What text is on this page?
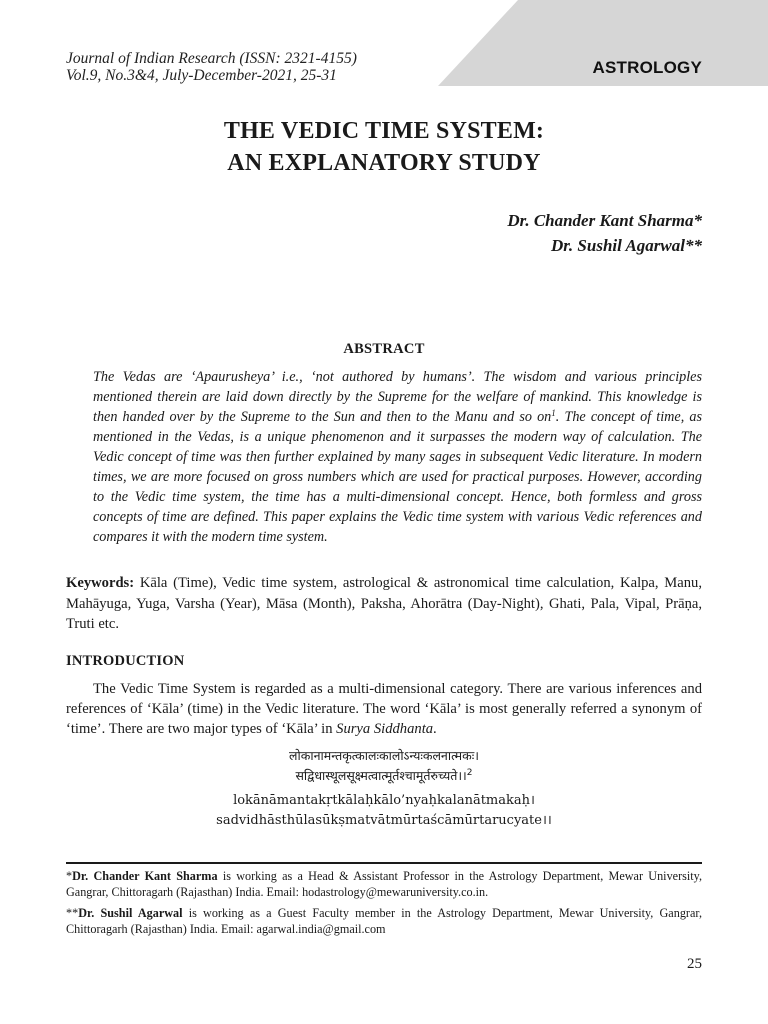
ASTROLOGY
Journal of Indian Research (ISSN: 2321-4155)
Vol.9, No.3&4, July-December-2021, 25-31
THE VEDIC TIME SYSTEM:
AN EXPLANATORY STUDY
Dr. Chander Kant Sharma*
Dr. Sushil Agarwal**
ABSTRACT
The Vedas are ‘Apaurusheya’ i.e., ‘not authored by humans’. The wisdom and various principles mentioned therein are laid down directly by the Supreme for the welfare of mankind. This knowledge is then handed over by the Supreme to the Sun and then to the Manu and so $on^1$. The concept of time, as mentioned in the Vedas, is a unique phenomenon and it surpasses the modern way of calculation. The Vedic concept of time was then further explained by many sages in subsequent Vedic literature. In modern times, we are more focused on gross numbers which are used for practical purposes. However, according to the Vedic time system, the time has a multi-dimensional concept. Hence, both formless and gross concepts of time are defined. This paper explains the Vedic time system with various Vedic references and compares it with the modern time system.
Keywords: Kāla (Time), Vedic time system, astrological & astronomical time calculation, Kalpa, Manu, Mahāyuga, Yuga, Varsha (Year), Māsa (Month), Paksha, Ahorātra (Day-Night), Ghati, Pala, Vipal, Prāṇa, Truti etc.
INTRODUCTION
The Vedic Time System is regarded as a multi-dimensional category. There are various inferences and references of ‘Kāla’ (time) in the Vedic literature. The word ‘Kāla’ is most generally referred a synonym of ‘time’. There are two major types of ‘Kāla’ in Surya Siddhanta.
लोकानामन्तकृत्कालःकालोऽन्यःकलनात्मकः।
सद्विधास्थूलसूक्ष्मत्वात्मूर्तश्चामूर्तरुच्यते।।$^2$
lokānāmantakṛtkālaḥkālo’nyaḥkalanātmakaḥ।
sadvidhāsthūlasūkṣmatvātmūrtaścāmūrtarucyate।।
*Dr. Chander Kant Sharma is working as a Head & Assistant Professor in the Astrology Department, Mewar University, Gangrar, Chittoragarh (Rajasthan) India. Email: hodastrology@mewaruniversity.co.in.
**Dr. Sushil Agarwal is working as a Guest Faculty member in the Astrology Department, Mewar University, Gangrar, Chittoragarh (Rajasthan) India. Email: agarwal.india@gmail.com
25
